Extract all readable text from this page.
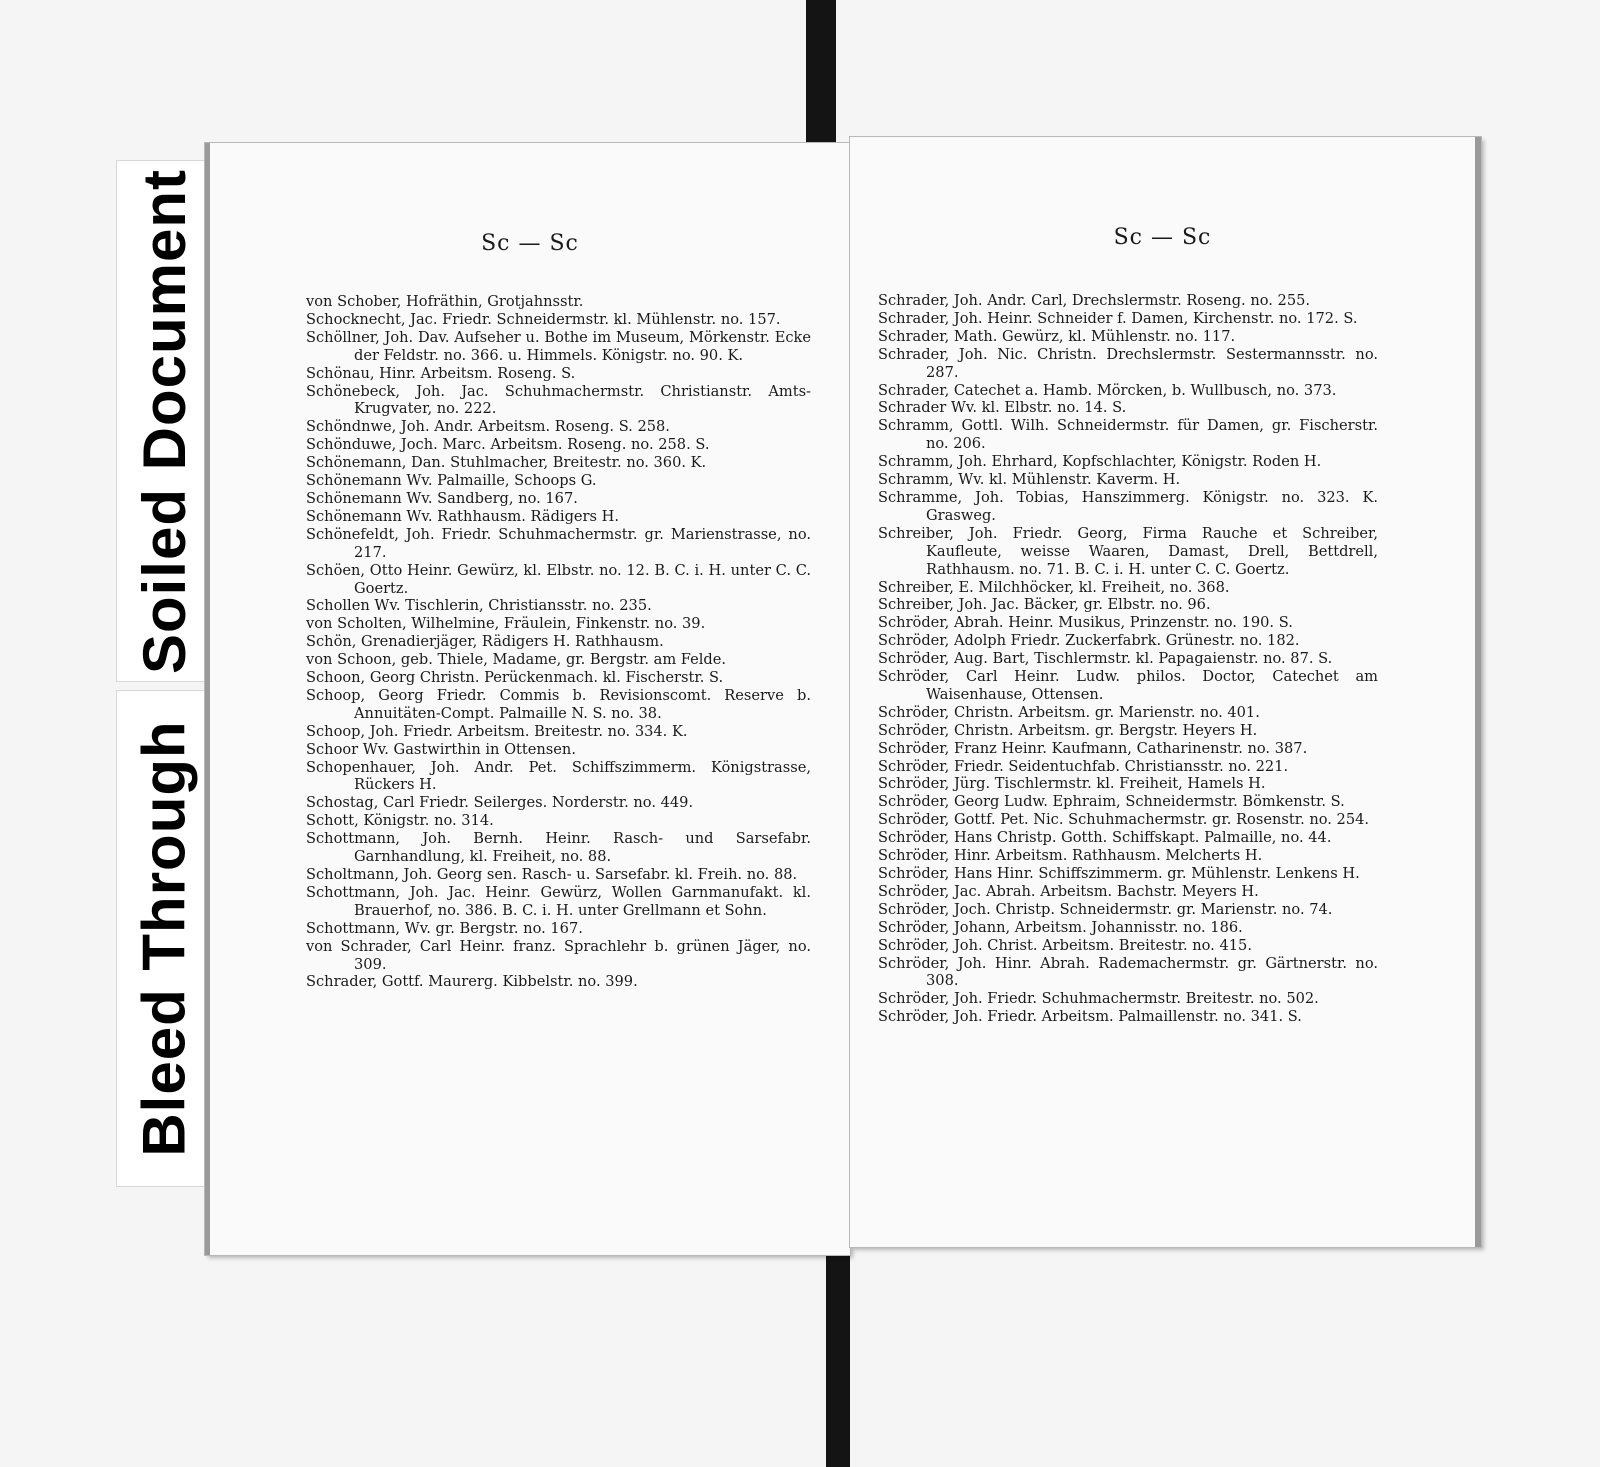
Soiled Document
Bleed Through
Sc — Sc
von Schober, Hofräthin, Grotjahnsstr.
Schocknecht, Jac. Friedr. Schneidermstr. kl. Mühlenstr. no. 157.
Schöllner, Joh. Dav. Aufseher u. Bothe im Museum, Mörkenstr. Ecke der Feldstr. no. 366. u. Himmels. Königstr. no. 90. K.
Schönau, Hinr. Arbeitsm. Roseng. S.
Schönebeck, Joh. Jac. Schuhmachermstr. Christianstr. Amts-Krugvater, no. 222.
Schöndnwe, Joh. Andr. Arbeitsm. Roseng. S. 258.
Schönduwe, Joch. Marc. Arbeitsm. Roseng. no. 258. S.
Schönemann, Dan. Stuhlmacher, Breitestr. no. 360. K.
Schönemann Wv. Palmaille, Schoops G.
Schönemann Wv. Sandberg, no. 167.
Schönemann Wv. Rathhausm. Rädigers H.
Schönefeldt, Joh. Friedr. Schuhmachermstr. gr. Marienstrasse, no. 217.
Schöen, Otto Heinr. Gewürz, kl. Elbstr. no. 12. B. C. i. H. unter C. C. Goertz.
Schollen Wv. Tischlerin, Christiansstr. no. 235.
von Scholten, Wilhelmine, Fräulein, Finkenstr. no. 39.
Schön, Grenadierjäger, Rädigers H. Rathhausm.
von Schoon, geb. Thiele, Madame, gr. Bergstr. am Felde.
Schoon, Georg Christn. Perückenmach. kl. Fischerstr. S.
Schoop, Georg Friedr. Commis b. Revisionscomt. Reserve b. Annuitäten-Compt. Palmaille N. S. no. 38.
Schoop, Joh. Friedr. Arbeitsm. Breitestr. no. 334. K.
Schoor Wv. Gastwirthin in Ottensen.
Schopenhauer, Joh. Andr. Pet. Schiffszimmerm. Königstrasse, Rückers H.
Schostag, Carl Friedr. Seilerges. Norderstr. no. 449.
Schott, Königstr. no. 314.
Schottmann, Joh. Bernh. Heinr. Rasch- und Sarsefabr. Garnhandlung, kl. Freiheit, no. 88.
Scholtmann, Joh. Georg sen. Rasch- u. Sarsefabr. kl. Freih. no. 88.
Schottmann, Joh. Jac. Heinr. Gewürz, Wollen Garnmanufakt. kl. Brauerhof, no. 386. B. C. i. H. unter Grellmann et Sohn.
Schottmann, Wv. gr. Bergstr. no. 167.
von Schrader, Carl Heinr. franz. Sprachlehr b. grünen Jäger, no. 309.
Schrader, Gottf. Maurerg. Kibbelstr. no. 399.
Sc — Sc
Schrader, Joh. Andr. Carl, Drechslermstr. Roseng. no. 255.
Schrader, Joh. Heinr. Schneider f. Damen, Kirchenstr. no. 172. S.
Schrader, Math. Gewürz, kl. Mühlenstr. no. 117.
Schrader, Joh. Nic. Christn. Drechslermstr. Sestermannsstr. no. 287.
Schrader, Catechet a. Hamb. Mörcken, b. Wullbusch, no. 373.
Schrader Wv. kl. Elbstr. no. 14. S.
Schramm, Gottl. Wilh. Schneidermstr. für Damen, gr. Fischerstr. no. 206.
Schramm, Joh. Ehrhard, Kopfschlachter, Königstr. Roden H.
Schramm, Wv. kl. Mühlenstr. Kaverm. H.
Schramme, Joh. Tobias, Hanszimmerg. Königstr. no. 323. K. Grasweg.
Schreiber, Joh. Friedr. Georg, Firma Rauche et Schreiber, Kaufleute, weisse Waaren, Damast, Drell, Bettdrell, Rathhausm. no. 71. B. C. i. H. unter C. C. Goertz.
Schreiber, E. Milchhöcker, kl. Freiheit, no. 368.
Schreiber, Joh. Jac. Bäcker, gr. Elbstr. no. 96.
Schröder, Abrah. Heinr. Musikus, Prinzenstr. no. 190. S.
Schröder, Adolph Friedr. Zuckerfabrk. Grünestr. no. 182.
Schröder, Aug. Bart, Tischlermstr. kl. Papagaienstr. no. 87. S.
Schröder, Carl Heinr. Ludw. philos. Doctor, Catechet am Waisenhause, Ottensen.
Schröder, Christn. Arbeitsm. gr. Marienstr. no. 401.
Schröder, Christn. Arbeitsm. gr. Bergstr. Heyers H.
Schröder, Franz Heinr. Kaufmann, Catharinenstr. no. 387.
Schröder, Friedr. Seidentuchfab. Christiansstr. no. 221.
Schröder, Jürg. Tischlermstr. kl. Freiheit, Hamels H.
Schröder, Georg Ludw. Ephraim, Schneidermstr. Bömkenstr. S.
Schröder, Gottf. Pet. Nic. Schuhmachermstr. gr. Rosenstr. no. 254.
Schröder, Hans Christp. Gotth. Schiffskapt. Palmaille, no. 44.
Schröder, Hinr. Arbeitsm. Rathhausm. Melcherts H.
Schröder, Hans Hinr. Schiffszimmerm. gr. Mühlenstr. Lenkens H.
Schröder, Jac. Abrah. Arbeitsm. Bachstr. Meyers H.
Schröder, Joch. Christp. Schneidermstr. gr. Marienstr. no. 74.
Schröder, Johann, Arbeitsm. Johannisstr. no. 186.
Schröder, Joh. Christ. Arbeitsm. Breitestr. no. 415.
Schröder, Joh. Hinr. Abrah. Rademachermstr. gr. Gärtnerstr. no. 308.
Schröder, Joh. Friedr. Schuhmachermstr. Breitestr. no. 502.
Schröder, Joh. Friedr. Arbeitsm. Palmaillenstr. no. 341. S.
